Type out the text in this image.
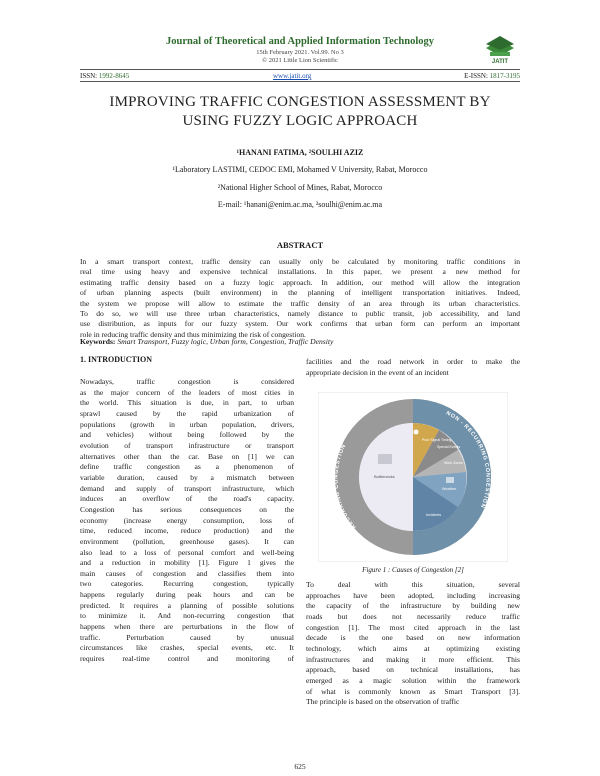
Journal of Theoretical and Applied Information Technology
15th February 2021. Vol.99. No 3
© 2021 Little Lion Scientific	JATIT
ISSN: 1992-8645	www.jatit.org	E-ISSN: 1817-3195
IMPROVING TRAFFIC CONGESTION ASSESSMENT BY
USING FUZZY LOGIC APPROACH
¹HANANI FATIMA, ²SOULHI AZIZ
¹Laboratory LASTIMI, CEDOC EMI, Mohamed V University, Rabat, Morocco
²National Higher School of Mines, Rabat, Morocco
E-mail: ¹hanani@enim.ac.ma, ²soulhi@enim.ac.ma
ABSTRACT
In a smart transport context, traffic density can usually only be calculated by monitoring traffic conditions in
real time using heavy and expensive technical installations. In this paper, we present a new method for
estimating traffic density based on a fuzzy logic approach. In addition, our method will allow the integration
of urban planning aspects (built environment) in the planning of intelligent transportation initiatives. Indeed,
the system we propose will allow to estimate the traffic density of an area through its urban characteristics.
To do so, we will use three urban characteristics, namely distance to public transit, job accessibility, and land
use distribution, as inputs for our fuzzy system. Our work confirms that urban form can perform an important
role in reducing traffic density and thus minimizing the risk of congestion.
Keywords: Smart Transport, Fuzzy logic, Urban form, Congestion, Traffic Density
1. INTRODUCTION
Nowadays, traffic congestion is considered
as the major concern of the leaders of most cities in
the world. This situation is due, in part, to urban
sprawl caused by the rapid urbanization of
populations (growth in urban population, drivers,
and vehicles) without being followed by the
evolution of transport infrastructure or transport
alternatives other than the car. Base on [1] we can
define traffic congestion as a phenomenon of
variable duration, caused by a mismatch between
demand and supply of transport infrastructure, which
induces an overflow of the road's capacity.
Congestion has serious consequences on the
economy (increase energy consumption, loss of
time, reduced income, reduce production) and the
environment (pollution, greenhouse gases). It can
also lead to a loss of personal comfort and well-being
and a reduction in mobility [1]. Figure 1 gives the
main causes of congestion and classifies them into
two categories. Recurring congestion, typically
happens regularly during peak hours and can be
predicted. It requires a planning of possible solutions
to minimize it. And non-recurring congestion that
happens when there are perturbations in the flow of
traffic. Perturbation caused by unusual
circumstances like crashes, special events, etc. It
requires real-time control and monitoring of
facilities and the road network in order to make the
appropriate decision in the event of an incident
RECURRING CONGESTION
NON - RECURRING CONGESTION
Poor Signal Timing
Special Events
Work Zones
Weather
Incidents
Bottlenecks
Figure 1 : Causes of Congestion [2]
To deal with this situation, several
approaches have been adopted, including increasing
the capacity of the infrastructure by building new
roads but does not necessarily reduce traffic
congestion [1]. The most cited approach in the last
decade is the one based on new information
technology, which aims at optimizing existing
infrastructures and making it more efficient. This
approach, based on technical installations, has
emerged as a magic solution within the framework
of what is commonly known as Smart Transport [3].
The principle is based on the observation of traffic
625
